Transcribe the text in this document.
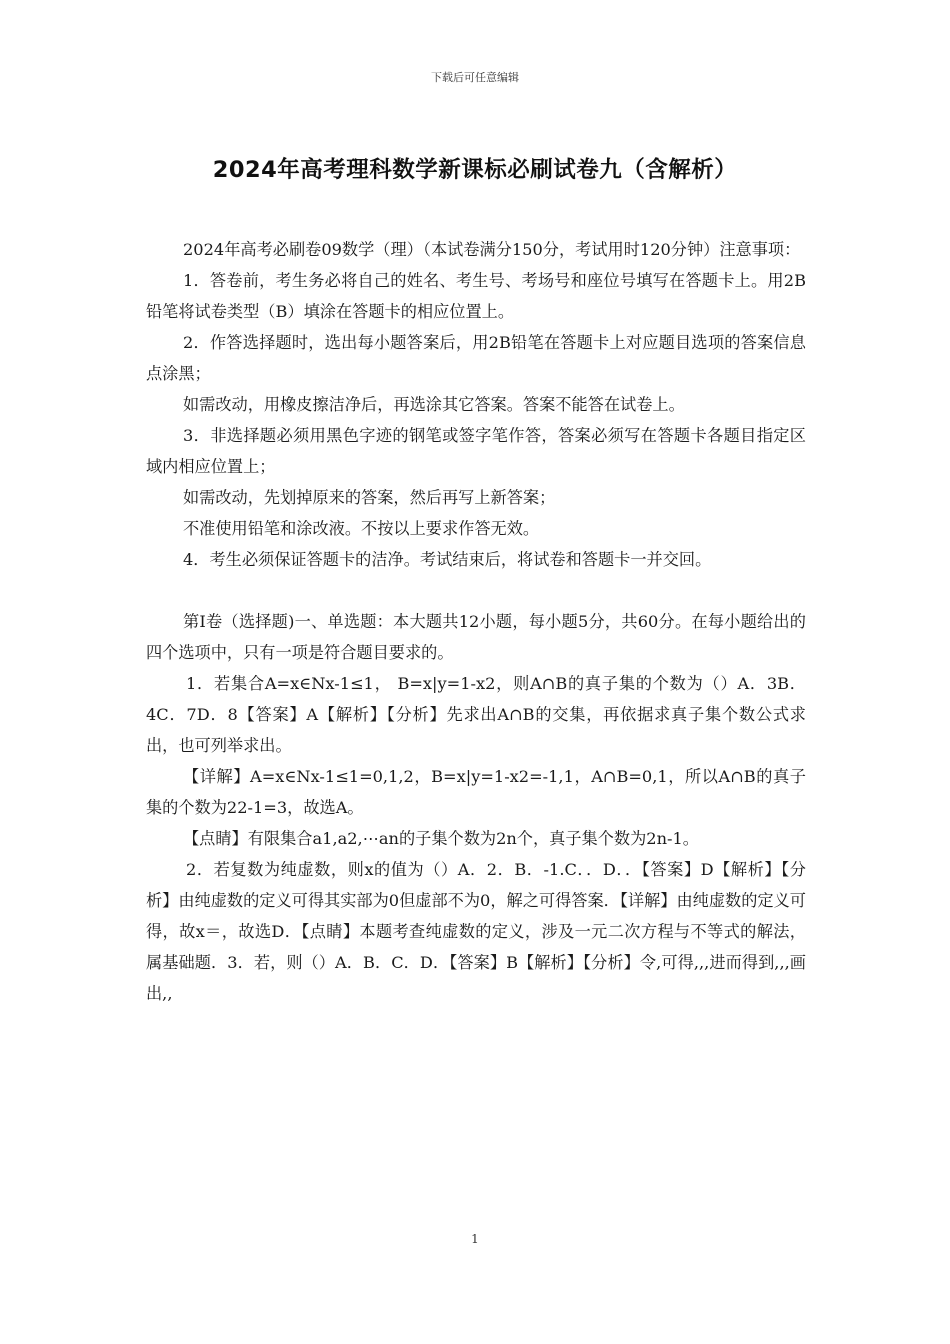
下载后可任意编辑
2024年高考理科数学新课标必刷试卷九（含解析）

2024年高考必刷卷09数学（理）（本试卷满分150分，考试用时120分钟）注意事项：

1．答卷前，考生务必将自己的姓名、考生号、考场号和座位号填写在答题卡上。用2B铅笔将试卷类型（B）填涂在答题卡的相应位置上。

2．作答选择题时，选出每小题答案后，用2B铅笔在答题卡上对应题目选项的答案信息点涂黑；

如需改动，用橡皮擦洁净后，再选涂其它答案。答案不能答在试卷上。

3．非选择题必须用黑色字迹的钢笔或签字笔作答，答案必须写在答题卡各题目指定区域内相应位置上；

如需改动，先划掉原来的答案，然后再写上新答案；

不准使用铅笔和涂改液。不按以上要求作答无效。

4．考生必须保证答题卡的洁净。考试结束后，将试卷和答题卡一并交回。

第Ⅰ卷（选择题)一、单选题：本大题共12小题，每小题5分，共60分。在每小题给出的四个选项中，只有一项是符合题目要求的。

1．若集合A=x∈Nx-1≤1， B=x|y=1-x2，则A∩B的真子集的个数为（）A．3B．4C．7D．8【答案】A【解析】【分析】先求出A∩B的交集，再依据求真子集个数公式求出，也可列举求出。

【详解】A=x∈Nx-1≤1=0,1,2，B=x|y=1-x2=-1,1，A∩B=0,1，所以A∩B的真子集的个数为22-1=3，故选A。

【点睛】有限集合a1,a2,⋯an的子集个数为2n个，真子集个数为2n-1。

2．若复数为纯虚数，则x的值为（）A．2．B．-1.C．．D．．【答案】D【解析】【分析】由纯虚数的定义可得其实部为0但虚部不为0，解之可得答案．【详解】由纯虚数的定义可得，故x＝，故选D．【点睛】本题考查纯虚数的定义，涉及一元二次方程与不等式的解法，属基础题．3．若，则（）A．B．C．D．【答案】B【解析】【分析】令,可得,,,进而得到,,,画出,,

1
